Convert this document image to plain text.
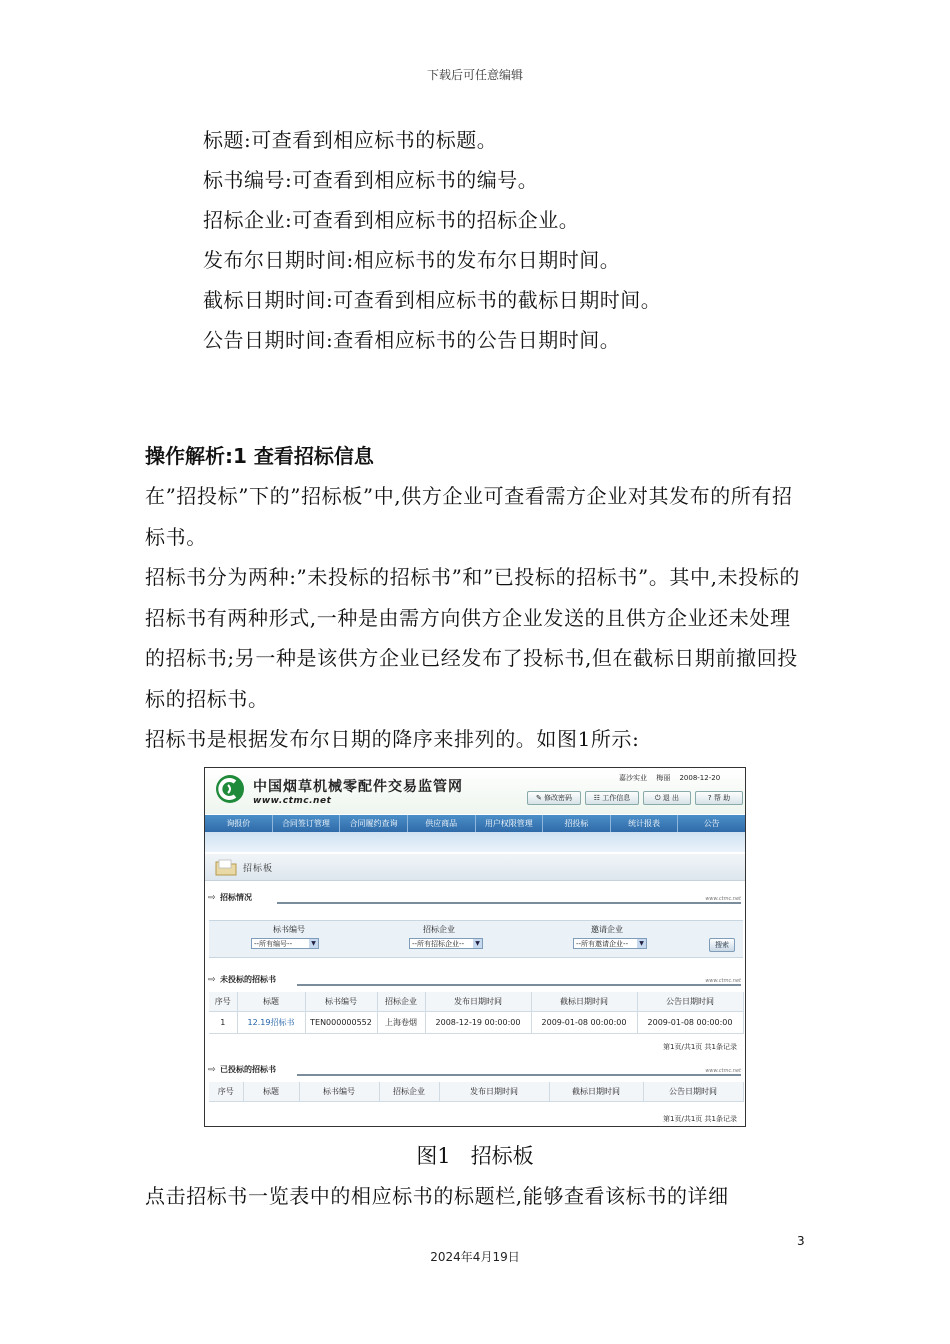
下载后可任意编辑
标题:可查看到相应标书的标题。
标书编号:可查看到相应标书的编号。
招标企业:可查看到相应标书的招标企业。
发布尔日期时间:相应标书的发布尔日期时间。
截标日期时间:可查看到相应标书的截标日期时间。
公告日期时间:查看相应标书的公告日期时间。
操作解析:1 查看招标信息
在”招投标”下的”招标板”中,供方企业可查看需方企业对其发布的所有招标书。
招标书分为两种:”未投标的招标书”和”已投标的招标书”。其中,未投标的招标书有两种形式,一种是由需方向供方企业发送的且供方企业还未处理的招标书;另一种是该供方企业已经发布了投标书,但在截标日期前撤回投标的招标书。
招标书是根据发布尔日期的降序来排列的。如图1所示:
中国烟草机械零配件交易监管网
www.ctmc.net
嘉沙实业 梅丽 2008-12-20
✎ 修改密码	☷ 工作信息	⏻ 退 出	? 帮 助
询报价	合同签订管理	合同履约查询	供应商品	用户权限管理	招投标	统计报表	公告
招标板
⇨ 招标情况	www.ctmc.net
标书编号	招标企业	邀请企业
--所有编号--	▼	--所有招标企业--	▼	--所有邀请企业--	▼	搜索
⇨ 未投标的招标书	www.ctmc.net
序号	标题	标书编号	招标企业	发布日期时间	截标日期时间	公告日期时间
1	12.19招标书	TEN000000552	上海卷烟	2008-12-19 00:00:00	2009-01-08 00:00:00	2009-01-08 00:00:00
第1页/共1页 共1条记录
⇨ 已投标的招标书	www.ctmc.net
序号	标题	标书编号	招标企业	发布日期时间	截标日期时间	公告日期时间
第1页/共1页 共1条记录
图1 招标板
点击招标书一览表中的相应标书的标题栏,能够查看该标书的详细
3
2024年4月19日
